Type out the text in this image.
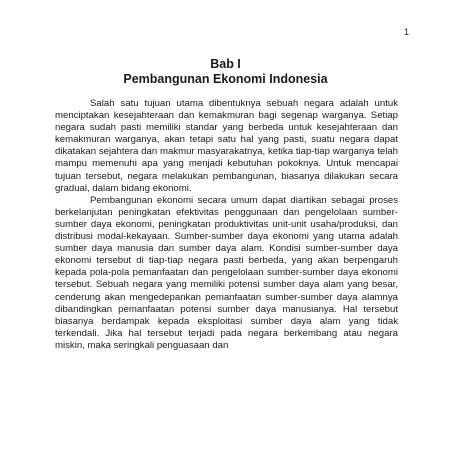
1
Bab I
Pembangunan Ekonomi Indonesia

Salah satu tujuan utama dibentuknya sebuah negara adalah untuk menciptakan kesejahteraan dan kemakmuran bagi segenap warganya. Setiap negara sudah pasti memiliki standar yang berbeda untuk kesejahteraan dan kemakmuran warganya, akan tetapi satu hal yang pasti, suatu negara dapat dikatakan sejahtera dan makmur masyarakatnya, ketika tiap-tiap warganya telah mampu memenuhi apa yang menjadi kebutuhan pokoknya. Untuk mencapai tujuan tersebut, negara melakukan pembangunan, biasanya dilakukan secara gradual, dalam bidang ekonomi.

Pembangunan ekonomi secara umum dapat diartikan sebagai proses berkelanjutan peningkatan efektivitas penggunaan dan pengelolaan sumber-sumber daya ekonomi, peningkatan produktivitas unit-unit usaha/produksi, dan distribusi modal-kekayaan. Sumber-sumber daya ekonomi yang utama adalah sumber daya manusia dan sumber daya alam. Kondisi sumber-sumber daya ekonomi tersebut di tiap-tiap negara pasti berbeda, yang akan berpengaruh kepada pola-pola pemanfaatan dan pengelolaan sumber-sumber daya ekonomi tersebut. Sebuah negara yang memiliki potensi sumber daya alam yang besar, cenderung akan mengedepankan pemanfaatan sumber-sumber daya alamnya dibandingkan pemanfaatan potensi sumber daya manusianya. Hal tersebut biasanya berdampak kepada eksploitasi sumber daya alam yang tidak terkendali. Jika hal tersebut terjadi pada negara berkembang atau negara miskin, maka seringkali penguasaan dan
